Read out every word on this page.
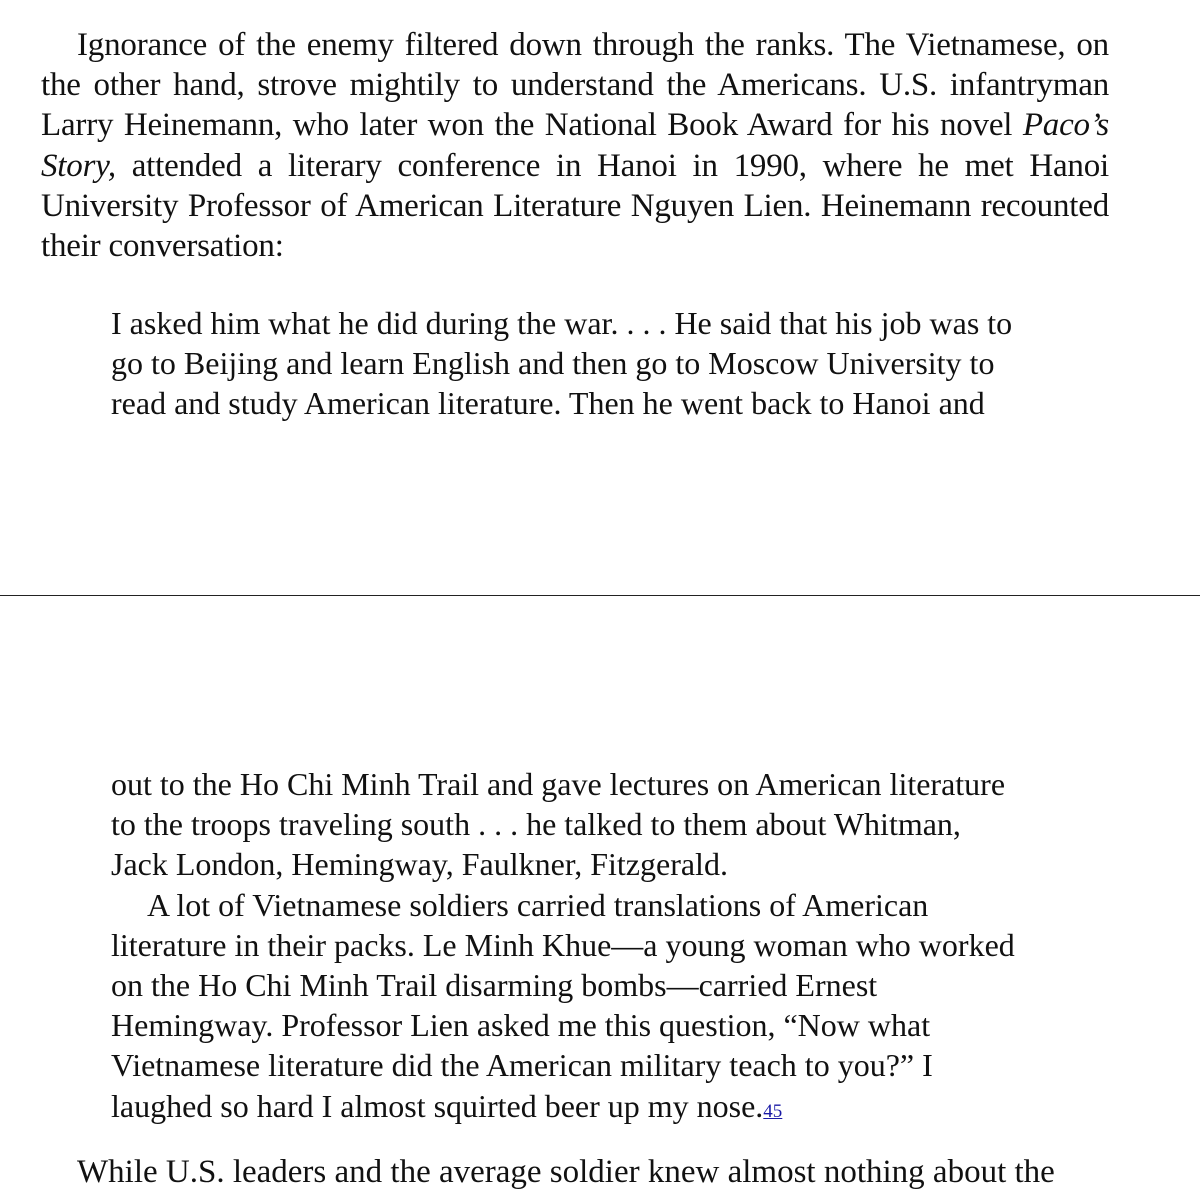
Ignorance of the enemy filtered down through the ranks. The Vietnamese, on the other hand, strove mightily to understand the Americans. U.S. infantryman Larry Heinemann, who later won the National Book Award for his novel Paco’s Story, attended a literary conference in Hanoi in 1990, where he met Hanoi University Professor of American Literature Nguyen Lien. Heinemann recounted their conversation:

I asked him what he did during the war. . . . He said that his job was to
go to Beijing and learn English and then go to Moscow University to
read and study American literature. Then he went back to Hanoi and
out to the Ho Chi Minh Trail and gave lectures on American literature
to the troops traveling south . . . he talked to them about Whitman,
Jack London, Hemingway, Faulkner, Fitzgerald.
A lot of Vietnamese soldiers carried translations of American
literature in their packs. Le Minh Khue—a young woman who worked
on the Ho Chi Minh Trail disarming bombs—carried Ernest
Hemingway. Professor Lien asked me this question, “Now what
Vietnamese literature did the American military teach to you?” I
laughed so hard I almost squirted beer up my nose.45

While U.S. leaders and the average soldier knew almost nothing about the
